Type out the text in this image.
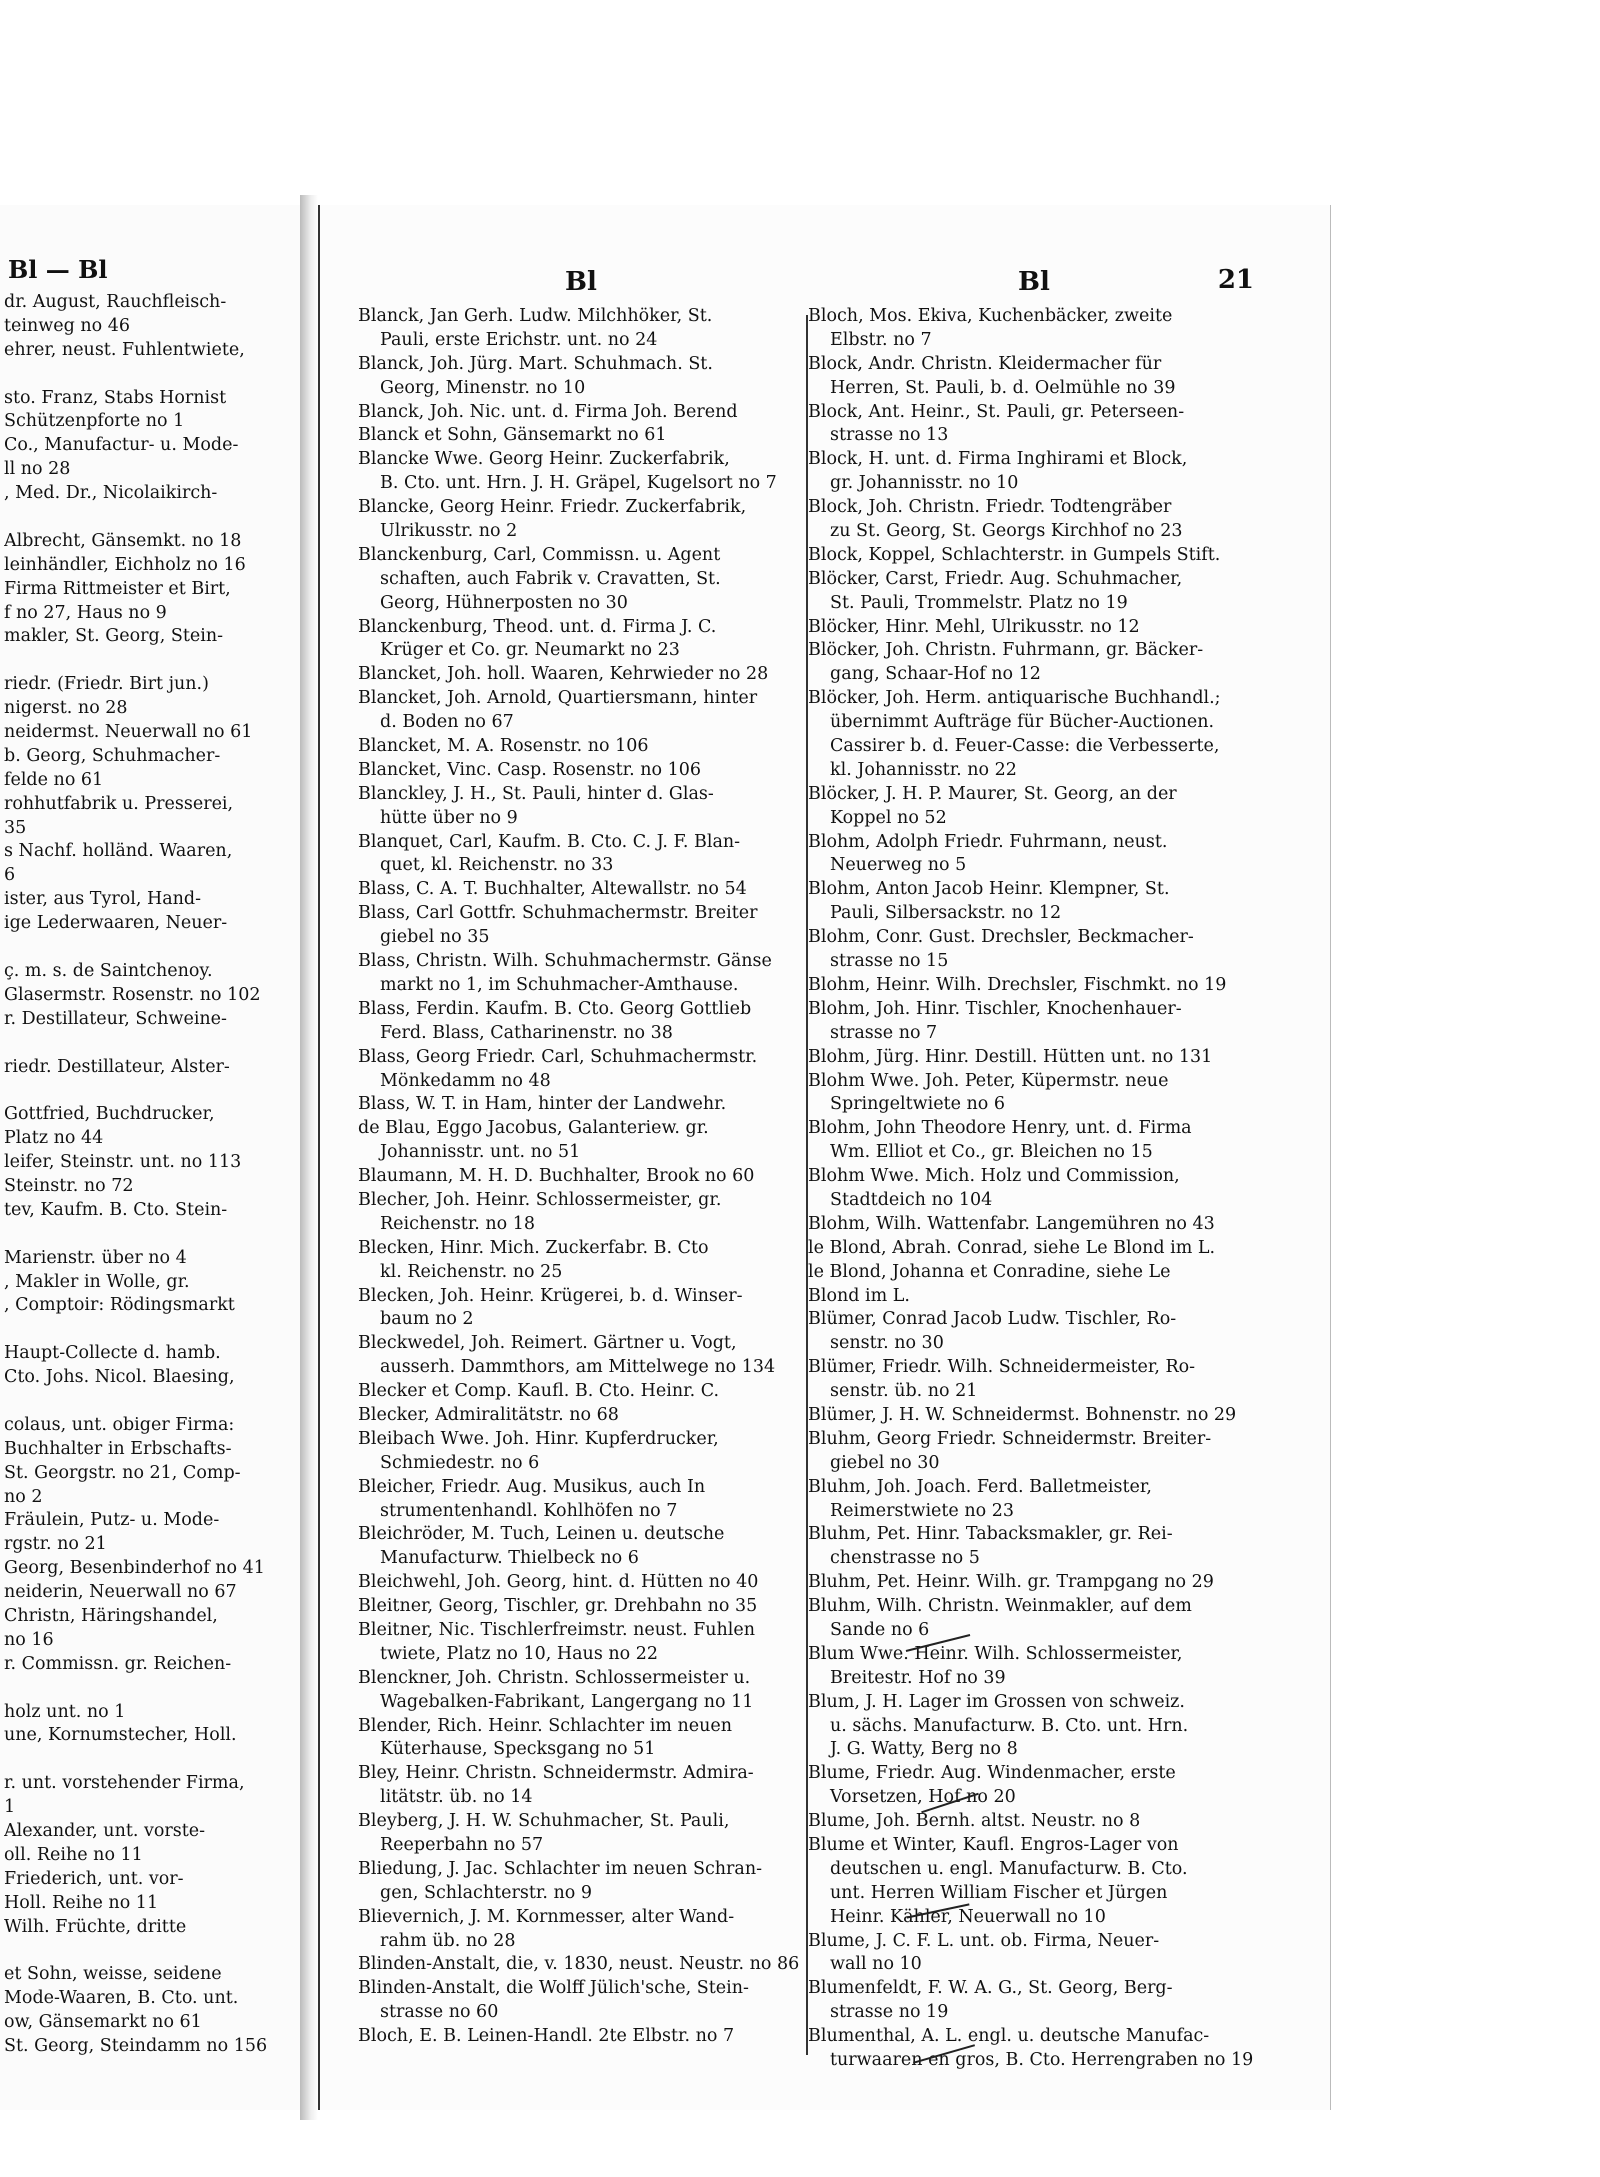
Bl — Bl
dr. August, Rauchfleisch-
teinweg no 46
ehrer, neust. Fuhlentwiete,
sto. Franz, Stabs Hornist
Schützenpforte no 1
Co., Manufactur- u. Mode-
ll no 28
, Med. Dr., Nicolaikirch-
Albrecht, Gänsemkt. no 18
leinhändler, Eichholz no 16
Firma Rittmeister et Birt,
f no 27, Haus no 9
makler, St. Georg, Stein-
riedr. (Friedr. Birt jun.)
nigerst. no 28
neidermst. Neuerwall no 61
b. Georg, Schuhmacher-
felde no 61
rohhutfabrik u. Presserei,
35
s Nachf. holländ. Waaren,
6
ister, aus Tyrol, Hand-
ige Lederwaaren, Neuer-
ç. m. s. de Saintchenoy.
Glasermstr. Rosenstr. no 102
r. Destillateur, Schweine-
riedr. Destillateur, Alster-
Gottfried, Buchdrucker,
Platz no 44
leifer, Steinstr. unt. no 113
Steinstr. no 72
tev, Kaufm. B. Cto. Stein-
Marienstr. über no 4
, Makler in Wolle, gr.
, Comptoir: Rödingsmarkt
Haupt-Collecte d. hamb.
Cto. Johs. Nicol. Blaesing,
colaus, unt. obiger Firma:
Buchhalter in Erbschafts-
St. Georgstr. no 21, Comp-
no 2
Fräulein, Putz- u. Mode-
rgstr. no 21
Georg, Besenbinderhof no 41
neiderin, Neuerwall no 67
Christn, Häringshandel,
no 16
r. Commissn. gr. Reichen-
holz unt. no 1
une, Kornumstecher, Holl.
r. unt. vorstehender Firma,
1
Alexander, unt. vorste-
oll. Reihe no 11
Friederich, unt. vor-
Holl. Reihe no 11
Wilh. Früchte, dritte
et Sohn, weisse, seidene
Mode-Waaren, B. Cto. unt.
ow, Gänsemarkt no 61
St. Georg, Steindamm no 156
Bl	Bl	21
Blanck, Jan Gerh. Ludw. Milchhöker, St.
Pauli, erste Erichstr. unt. no 24
Blanck, Joh. Jürg. Mart. Schuhmach. St.
Georg, Minenstr. no 10
Blanck, Joh. Nic. unt. d. Firma Joh. Berend
Blanck et Sohn, Gänsemarkt no 61
Blancke Wwe. Georg Heinr. Zuckerfabrik,
B. Cto. unt. Hrn. J. H. Gräpel, Kugelsort no 7
Blancke, Georg Heinr. Friedr. Zuckerfabrik,
Ulrikusstr. no 2
Blanckenburg, Carl, Commissn. u. Agent
schaften, auch Fabrik v. Cravatten, St.
Georg, Hühnerposten no 30
Blanckenburg, Theod. unt. d. Firma J. C.
Krüger et Co. gr. Neumarkt no 23
Blancket, Joh. holl. Waaren, Kehrwieder no 28
Blancket, Joh. Arnold, Quartiersmann, hinter
d. Boden no 67
Blancket, M. A. Rosenstr. no 106
Blancket, Vinc. Casp. Rosenstr. no 106
Blanckley, J. H., St. Pauli, hinter d. Glas-
hütte über no 9
Blanquet, Carl, Kaufm. B. Cto. C. J. F. Blan-
quet, kl. Reichenstr. no 33
Blass, C. A. T. Buchhalter, Altewallstr. no 54
Blass, Carl Gottfr. Schuhmachermstr. Breiter
giebel no 35
Blass, Christn. Wilh. Schuhmachermstr. Gänse
markt no 1, im Schuhmacher-Amthause.
Blass, Ferdin. Kaufm. B. Cto. Georg Gottlieb
Ferd. Blass, Catharinenstr. no 38
Blass, Georg Friedr. Carl, Schuhmachermstr.
Mönkedamm no 48
Blass, W. T. in Ham, hinter der Landwehr.
de Blau, Eggo Jacobus, Galanteriew. gr.
Johannisstr. unt. no 51
Blaumann, M. H. D. Buchhalter, Brook no 60
Blecher, Joh. Heinr. Schlossermeister, gr.
Reichenstr. no 18
Blecken, Hinr. Mich. Zuckerfabr. B. Cto
kl. Reichenstr. no 25
Blecken, Joh. Heinr. Krügerei, b. d. Winser-
baum no 2
Bleckwedel, Joh. Reimert. Gärtner u. Vogt,
ausserh. Dammthors, am Mittelwege no 134
Blecker et Comp. Kaufl. B. Cto. Heinr. C.
Blecker, Admiralitätstr. no 68
Bleibach Wwe. Joh. Hinr. Kupferdrucker,
Schmiedestr. no 6
Bleicher, Friedr. Aug. Musikus, auch In
strumentenhandl. Kohlhöfen no 7
Bleichröder, M. Tuch, Leinen u. deutsche
Manufacturw. Thielbeck no 6
Bleichwehl, Joh. Georg, hint. d. Hütten no 40
Bleitner, Georg, Tischler, gr. Drehbahn no 35
Bleitner, Nic. Tischlerfreimstr. neust. Fuhlen
twiete, Platz no 10, Haus no 22
Blenckner, Joh. Christn. Schlossermeister u.
Wagebalken-Fabrikant, Langergang no 11
Blender, Rich. Heinr. Schlachter im neuen
Küterhause, Specksgang no 51
Bley, Heinr. Christn. Schneidermstr. Admira-
litätstr. üb. no 14
Bleyberg, J. H. W. Schuhmacher, St. Pauli,
Reeperbahn no 57
Bliedung, J. Jac. Schlachter im neuen Schran-
gen, Schlachterstr. no 9
Blievernich, J. M. Kornmesser, alter Wand-
rahm üb. no 28
Blinden-Anstalt, die, v. 1830, neust. Neustr. no 86
Blinden-Anstalt, die Wolff Jülich'sche, Stein-
strasse no 60
Bloch, E. B. Leinen-Handl. 2te Elbstr. no 7
Bloch, Mos. Ekiva, Kuchenbäcker, zweite
Elbstr. no 7
Block, Andr. Christn. Kleidermacher für
Herren, St. Pauli, b. d. Oelmühle no 39
Block, Ant. Heinr., St. Pauli, gr. Peterseen-
strasse no 13
Block, H. unt. d. Firma Inghirami et Block,
gr. Johannisstr. no 10
Block, Joh. Christn. Friedr. Todtengräber
zu St. Georg, St. Georgs Kirchhof no 23
Block, Koppel, Schlachterstr. in Gumpels Stift.
Blöcker, Carst, Friedr. Aug. Schuhmacher,
St. Pauli, Trommelstr. Platz no 19
Blöcker, Hinr. Mehl, Ulrikusstr. no 12
Blöcker, Joh. Christn. Fuhrmann, gr. Bäcker-
gang, Schaar-Hof no 12
Blöcker, Joh. Herm. antiquarische Buchhandl.;
übernimmt Aufträge für Bücher-Auctionen.
Cassirer b. d. Feuer-Casse: die Verbesserte,
kl. Johannisstr. no 22
Blöcker, J. H. P. Maurer, St. Georg, an der
Koppel no 52
Blohm, Adolph Friedr. Fuhrmann, neust.
Neuerweg no 5
Blohm, Anton Jacob Heinr. Klempner, St.
Pauli, Silbersackstr. no 12
Blohm, Conr. Gust. Drechsler, Beckmacher-
strasse no 15
Blohm, Heinr. Wilh. Drechsler, Fischmkt. no 19
Blohm, Joh. Hinr. Tischler, Knochenhauer-
strasse no 7
Blohm, Jürg. Hinr. Destill. Hütten unt. no 131
Blohm Wwe. Joh. Peter, Küpermstr. neue
Springeltwiete no 6
Blohm, John Theodore Henry, unt. d. Firma
Wm. Elliot et Co., gr. Bleichen no 15
Blohm Wwe. Mich. Holz und Commission,
Stadtdeich no 104
Blohm, Wilh. Wattenfabr. Langemühren no 43
le Blond, Abrah. Conrad, siehe Le Blond im L.
le Blond, Johanna et Conradine, siehe Le
Blond im L.
Blümer, Conrad Jacob Ludw. Tischler, Ro-
senstr. no 30
Blümer, Friedr. Wilh. Schneidermeister, Ro-
senstr. üb. no 21
Blümer, J. H. W. Schneidermst. Bohnenstr. no 29
Bluhm, Georg Friedr. Schneidermstr. Breiter-
giebel no 30
Bluhm, Joh. Joach. Ferd. Balletmeister,
Reimerstwiete no 23
Bluhm, Pet. Hinr. Tabacksmakler, gr. Rei-
chenstrasse no 5
Bluhm, Pet. Heinr. Wilh. gr. Trampgang no 29
Bluhm, Wilh. Christn. Weinmakler, auf dem
Sande no 6
Blum Wwe. Heinr. Wilh. Schlossermeister,
Breitestr. Hof no 39
Blum, J. H. Lager im Grossen von schweiz.
u. sächs. Manufacturw. B. Cto. unt. Hrn.
J. G. Watty, Berg no 8
Blume, Friedr. Aug. Windenmacher, erste
Vorsetzen, Hof no 20
Blume, Joh. Bernh. altst. Neustr. no 8
Blume et Winter, Kaufl. Engros-Lager von
deutschen u. engl. Manufacturw. B. Cto.
unt. Herren William Fischer et Jürgen
Heinr. Kähler, Neuerwall no 10
Blume, J. C. F. L. unt. ob. Firma, Neuer-
wall no 10
Blumenfeldt, F. W. A. G., St. Georg, Berg-
strasse no 19
Blumenthal, A. L. engl. u. deutsche Manufac-
turwaaren en gros, B. Cto. Herrengraben no 19
